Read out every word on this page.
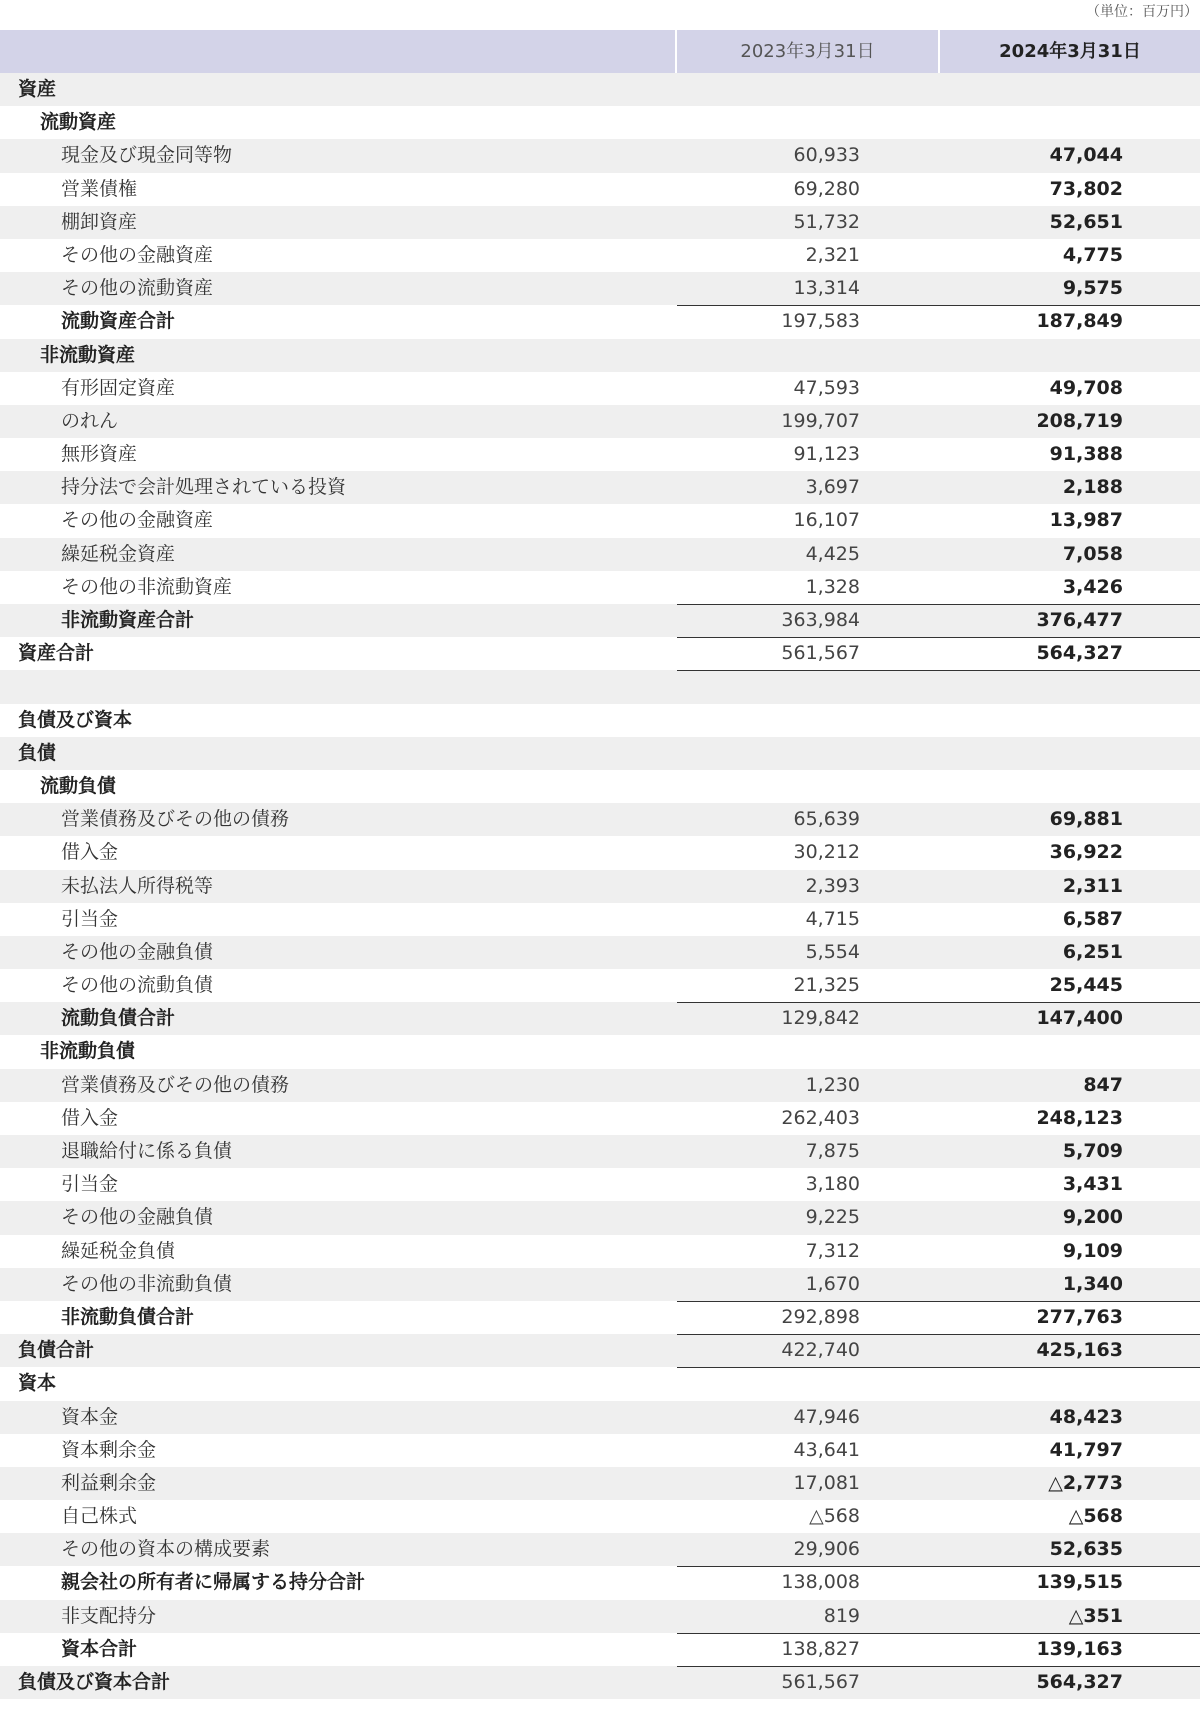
（単位：百万円）
2023年3月31日	2024年3月31日
資産
流動資産
現金及び現金同等物	60,933	47,044
営業債権	69,280	73,802
棚卸資産	51,732	52,651
その他の金融資産	2,321	4,775
その他の流動資産	13,314	9,575
流動資産合計	197,583	187,849
非流動資産
有形固定資産	47,593	49,708
のれん	199,707	208,719
無形資産	91,123	91,388
持分法で会計処理されている投資	3,697	2,188
その他の金融資産	16,107	13,987
繰延税金資産	4,425	7,058
その他の非流動資産	1,328	3,426
非流動資産合計	363,984	376,477
資産合計	561,567	564,327
負債及び資本
負債
流動負債
営業債務及びその他の債務	65,639	69,881
借入金	30,212	36,922
未払法人所得税等	2,393	2,311
引当金	4,715	6,587
その他の金融負債	5,554	6,251
その他の流動負債	21,325	25,445
流動負債合計	129,842	147,400
非流動負債
営業債務及びその他の債務	1,230	847
借入金	262,403	248,123
退職給付に係る負債	7,875	5,709
引当金	3,180	3,431
その他の金融負債	9,225	9,200
繰延税金負債	7,312	9,109
その他の非流動負債	1,670	1,340
非流動負債合計	292,898	277,763
負債合計	422,740	425,163
資本
資本金	47,946	48,423
資本剰余金	43,641	41,797
利益剰余金	17,081	△2,773
自己株式	△568	△568
その他の資本の構成要素	29,906	52,635
親会社の所有者に帰属する持分合計	138,008	139,515
非支配持分	819	△351
資本合計	138,827	139,163
負債及び資本合計	561,567	564,327
